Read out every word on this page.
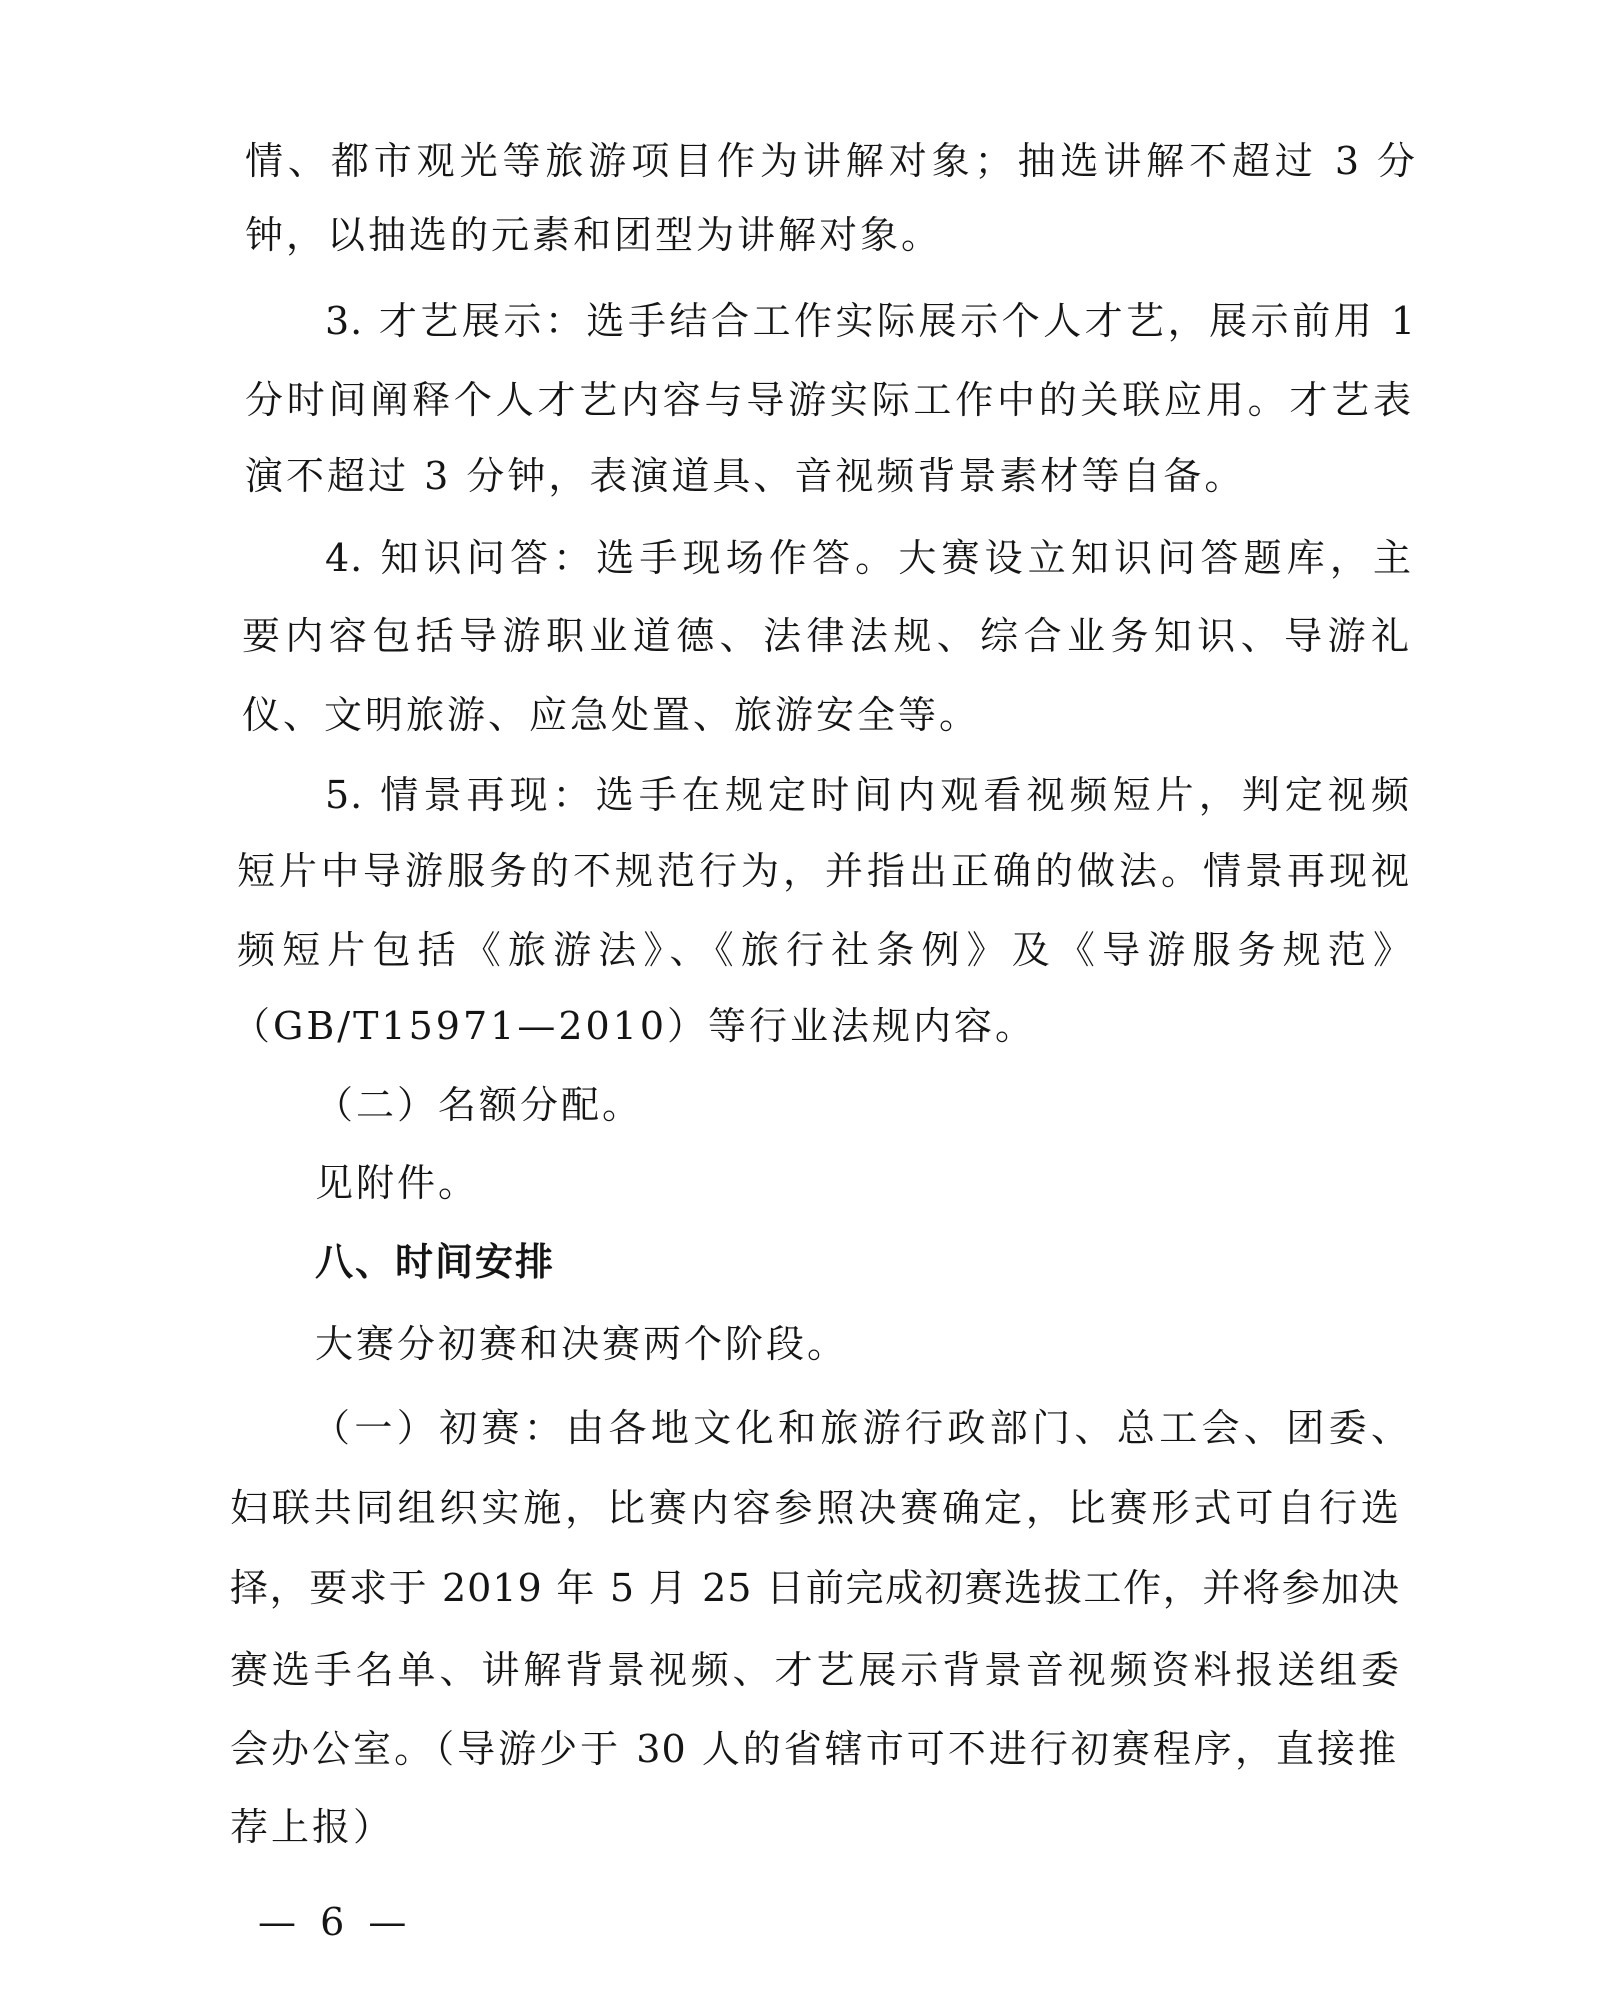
情、都市观光等旅游项目作为讲解对象；抽选讲解不超过 3 分
钟，以抽选的元素和团型为讲解对象。
3. 才艺展示：选手结合工作实际展示个人才艺，展示前用 1
分时间阐释个人才艺内容与导游实际工作中的关联应用。才艺表
演不超过 3 分钟，表演道具、音视频背景素材等自备。
4. 知识问答：选手现场作答。大赛设立知识问答题库，主
要内容包括导游职业道德、法律法规、综合业务知识、导游礼
仪、文明旅游、应急处置、旅游安全等。
5. 情景再现：选手在规定时间内观看视频短片，判定视频
短片中导游服务的不规范行为，并指出正确的做法。情景再现视
频短片包括《旅游法》、《旅行社条例》及《导游服务规范》
（GB/T15971—2010）等行业法规内容。
（二）名额分配。
见附件。
八、时间安排
大赛分初赛和决赛两个阶段。
（一）初赛：由各地文化和旅游行政部门、总工会、团委、
妇联共同组织实施，比赛内容参照决赛确定，比赛形式可自行选
择，要求于 2019 年 5 月 25 日前完成初赛选拔工作，并将参加决
赛选手名单、讲解背景视频、才艺展示背景音视频资料报送组委
会办公室。（导游少于 30 人的省辖市可不进行初赛程序，直接推
荐上报）
— 6 —
